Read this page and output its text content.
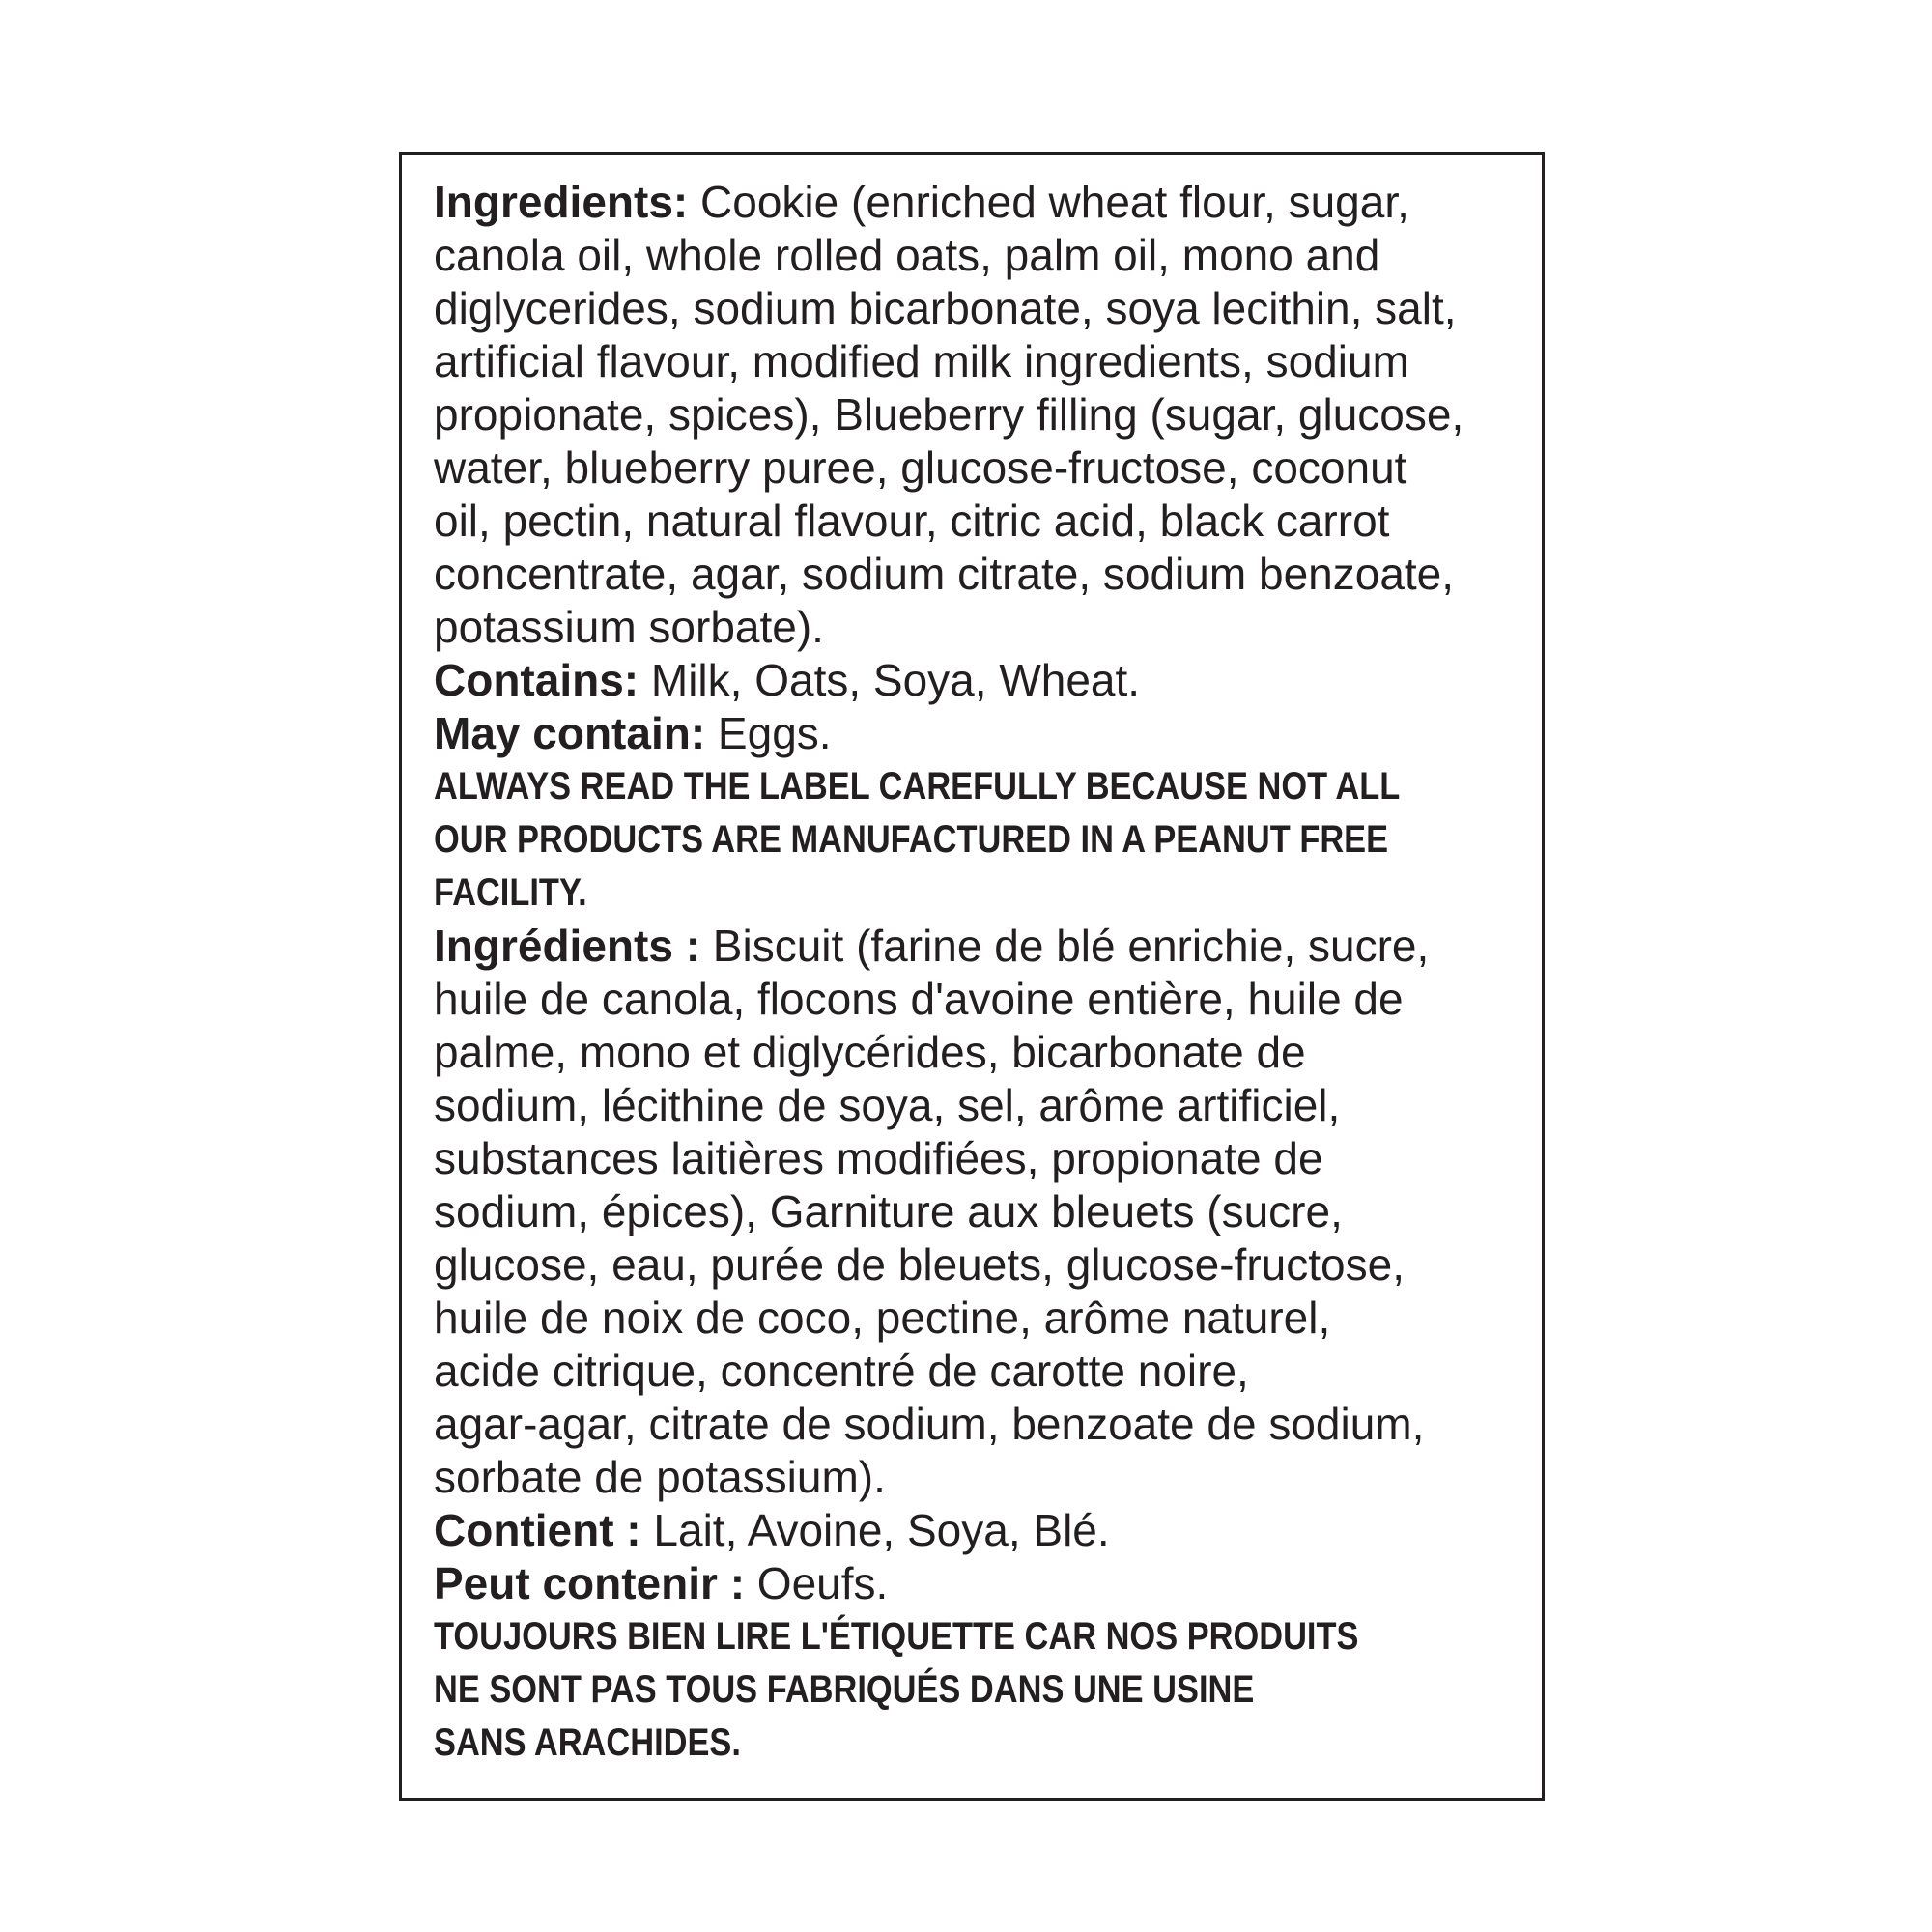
Ingredients: Cookie (enriched wheat flour, sugar,
canola oil, whole rolled oats, palm oil, mono and
diglycerides, sodium bicarbonate, soya lecithin, salt,
artificial flavour, modified milk ingredients, sodium
propionate, spices), Blueberry filling (sugar, glucose,
water, blueberry puree, glucose-fructose, coconut
oil, pectin, natural flavour, citric acid, black carrot
concentrate, agar, sodium citrate, sodium benzoate,
potassium sorbate).
Contains: Milk, Oats, Soya, Wheat.
May contain: Eggs.
ALWAYS READ THE LABEL CAREFULLY BECAUSE NOT ALL
OUR PRODUCTS ARE MANUFACTURED IN A PEANUT FREE
FACILITY.
Ingrédients : Biscuit (farine de blé enrichie, sucre,
huile de canola, flocons d'avoine entière, huile de
palme, mono et diglycérides, bicarbonate de
sodium, lécithine de soya, sel, arôme artificiel,
substances laitières modifiées, propionate de
sodium, épices), Garniture aux bleuets (sucre,
glucose, eau, purée de bleuets, glucose-fructose,
huile de noix de coco, pectine, arôme naturel,
acide citrique, concentré de carotte noire,
agar-agar, citrate de sodium, benzoate de sodium,
sorbate de potassium).
Contient : Lait, Avoine, Soya, Blé.
Peut contenir : Oeufs.
TOUJOURS BIEN LIRE L'ÉTIQUETTE CAR NOS PRODUITS
NE SONT PAS TOUS FABRIQUÉS DANS UNE USINE
SANS ARACHIDES.
